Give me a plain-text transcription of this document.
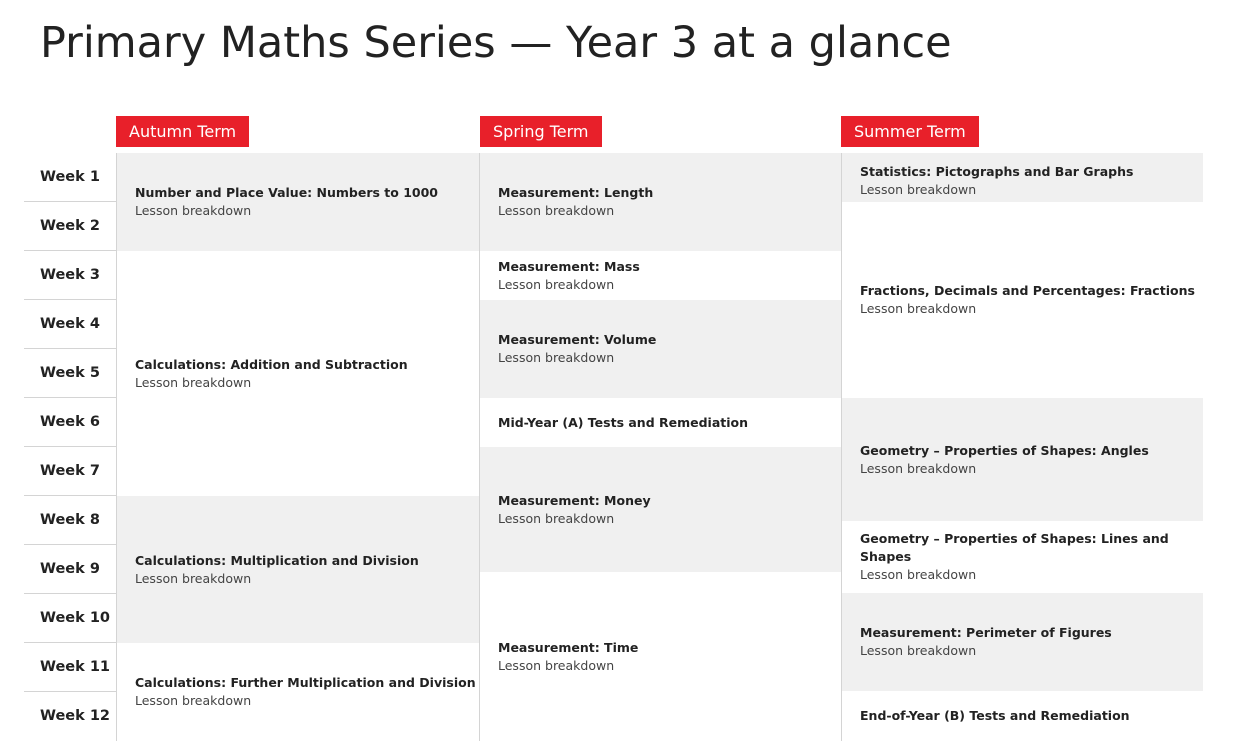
Primary Maths Series — Year 3 at a glance
Autumn Term	Spring Term	Summer Term
Week 1
Week 2
Week 3
Week 4
Week 5
Week 6
Week 7
Week 8
Week 9
Week 10
Week 11
Week 12
Number and Place Value: Numbers to 1000
Lesson breakdown
Calculations: Addition and Subtraction
Lesson breakdown
Calculations: Multiplication and Division
Lesson breakdown
Calculations: Further Multiplication and Division
Lesson breakdown
Measurement: Length
Lesson breakdown
Measurement: Mass
Lesson breakdown
Measurement: Volume
Lesson breakdown
Mid-Year (A) Tests and Remediation
Measurement: Money
Lesson breakdown
Measurement: Time
Lesson breakdown
Statistics: Pictographs and Bar Graphs
Lesson breakdown
Fractions, Decimals and Percentages: Fractions
Lesson breakdown
Geometry – Properties of Shapes: Angles
Lesson breakdown
Geometry – Properties of Shapes: Lines and Shapes
Lesson breakdown
Measurement: Perimeter of Figures
Lesson breakdown
End-of-Year (B) Tests and Remediation
